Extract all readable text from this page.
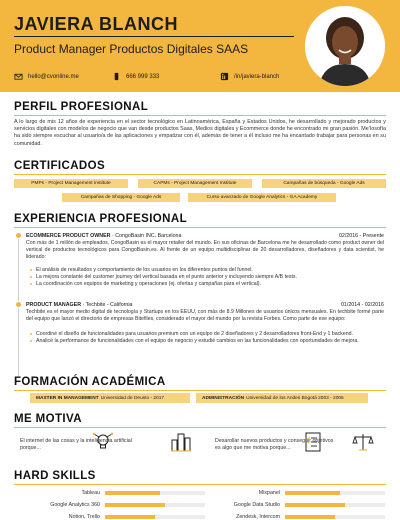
JAVIERA BLANCH
Product Manager Productos Digitales SAAS
hello@cvonline.me	666 999 333	/in/javiera-blanch
PERFIL PROFESIONAL
A lo largo de mis 12 años de experiencia en el sector tecnológico en Latinoamérica, España y Estados Unidos, he desarrollado y mejorado productos y servicios digitales con modelos de negocio que van desde productos Saas, Medios digitales y Ecommerce donde he encontrado mi gran pasión. Me'Iosofía ha sido siempre escuchar al usuario/a de las aplicaciones y empatizar con él, además de tener a él incluso me ha encantado trabajar para personas en su comunidad.
CERTIFICADOS
PMPs - Project Management Institute	CAPMs - Project Management Institute	Campañas de búsqueda - Google Ads
Campañas de Shopping - Google Ads	Curso avanzado de Google Analytics - GA Academy
EXPERIENCIA PROFESIONAL
ECOMMERCE PRODUCT OWNER · CongoBasin INC, Barcelona	02/2016 - Presente
Con más de 1 millón de empleados, CongoBasin es el mayor retailer del mundo. En sus oficinas de Barcelona me he desarrollado como product owner del vertical de productos tecnológicos para CongoBasin.es. Al frente de un equipo multidisciplinar de 20 desarrolladores, diseñadores y data scientist, he liderado:
El análisis de resultados y comportamiento de los usuarios en los diferentes puntos del funnel.
La mejora constante del customer journey del vertical basada en el punto anterior y incluyendo siempre A/B tests.
La coordinación con equipos de marketing y operaciones (ej. ofertas y campañas para el vertical).
PRODUCT MANAGER · Techbite - California	01/2014 - 02/2016
Techbite es el mayor medio digital de tecnología y Startups en los EEUU, con más de 8.9 Millones de usuarios únicos mensuales. En techbite formé parte del equipo que lanzó el directorio de empresas Bitefiles, considerado el mayor del mundo por la revista Forbes. Como parte de ese equipo:
Coordiné el diseño de funcionalidades para usuarios premium con un equipo de 2 diseñadores y 2 desarrolladores front-End y 1 backend.
Analicé la performance de funcionalidades con el equipo de negocio y estudié cambios en las funcionalidades con oportunidades de mejora.
FORMACIÓN ACADÉMICA
MASTER IN MANAGEMENT Universidad de Deusto - 2017	ADMINISTRACIÓN Universidad de los Andes Bogotá 2003 - 2006
ME MOTIVA
El internet de las cosas y la inteligencia artificial porque...
Desarollar nuevos productos y conseguir objetivos es algo que me motiva porque...
HARD SKILLS
Tableau
Google Analytics 360
Notion, Trello
Mixpanel
Google Data Studio
Zendesk, Intercom
